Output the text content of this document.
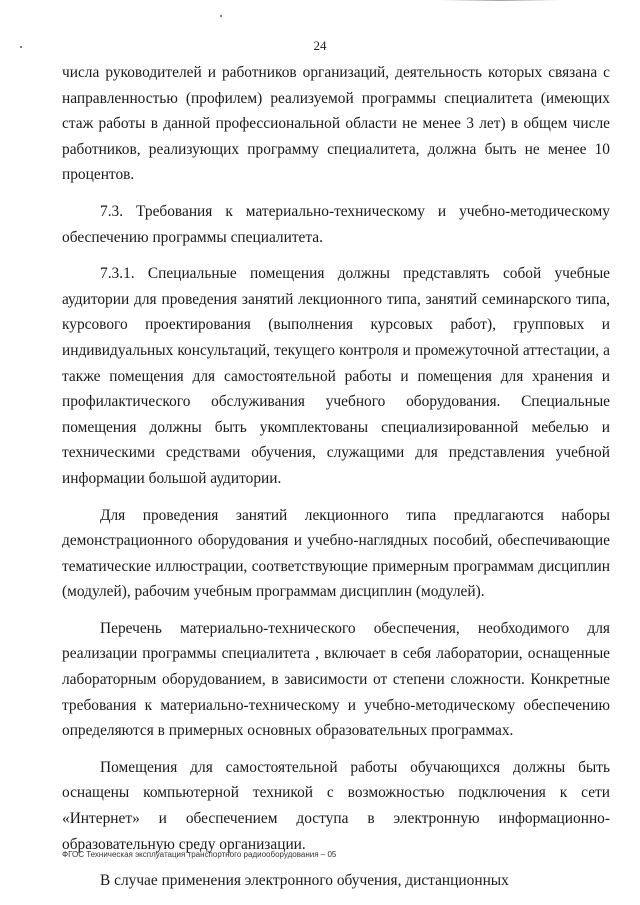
24

числа руководителей и работников организаций, деятельность которых связана с направленностью (профилем) реализуемой программы специалитета (имеющих стаж работы в данной профессиональной области не менее 3 лет) в общем числе работников, реализующих программу специалитета, должна быть не менее 10 процентов.

7.3. Требования к материально-техническому и учебно-методическому обеспечению программы специалитета.

7.3.1. Специальные помещения должны представлять собой учебные аудитории для проведения занятий лекционного типа, занятий семинарского типа, курсового проектирования (выполнения курсовых работ), групповых и индивидуальных консультаций, текущего контроля и промежуточной аттестации, а также помещения для самостоятельной работы и помещения для хранения и профилактического обслуживания учебного оборудования. Специальные помещения должны быть укомплектованы специализированной мебелью и техническими средствами обучения, служащими для представления учебной информации большой аудитории.

Для проведения занятий лекционного типа предлагаются наборы демонстрационного оборудования и учебно-наглядных пособий, обеспечивающие тематические иллюстрации, соответствующие примерным программам дисциплин (модулей), рабочим учебным программам дисциплин (модулей).

Перечень материально-технического обеспечения, необходимого для реализации программы специалитета , включает в себя лаборатории, оснащенные лабораторным оборудованием, в зависимости от степени сложности. Конкретные требования к материально-техническому и учебно-методическому обеспечению определяются в примерных основных образовательных программах.

Помещения для самостоятельной работы обучающихся должны быть оснащены компьютерной техникой с возможностью подключения к сети «Интернет» и обеспечением доступа в электронную информационно-образовательную среду организации.

В случае применения электронного обучения, дистанционных

ФГОС Техническая эксплуатация транспортного радиооборудования – 05
